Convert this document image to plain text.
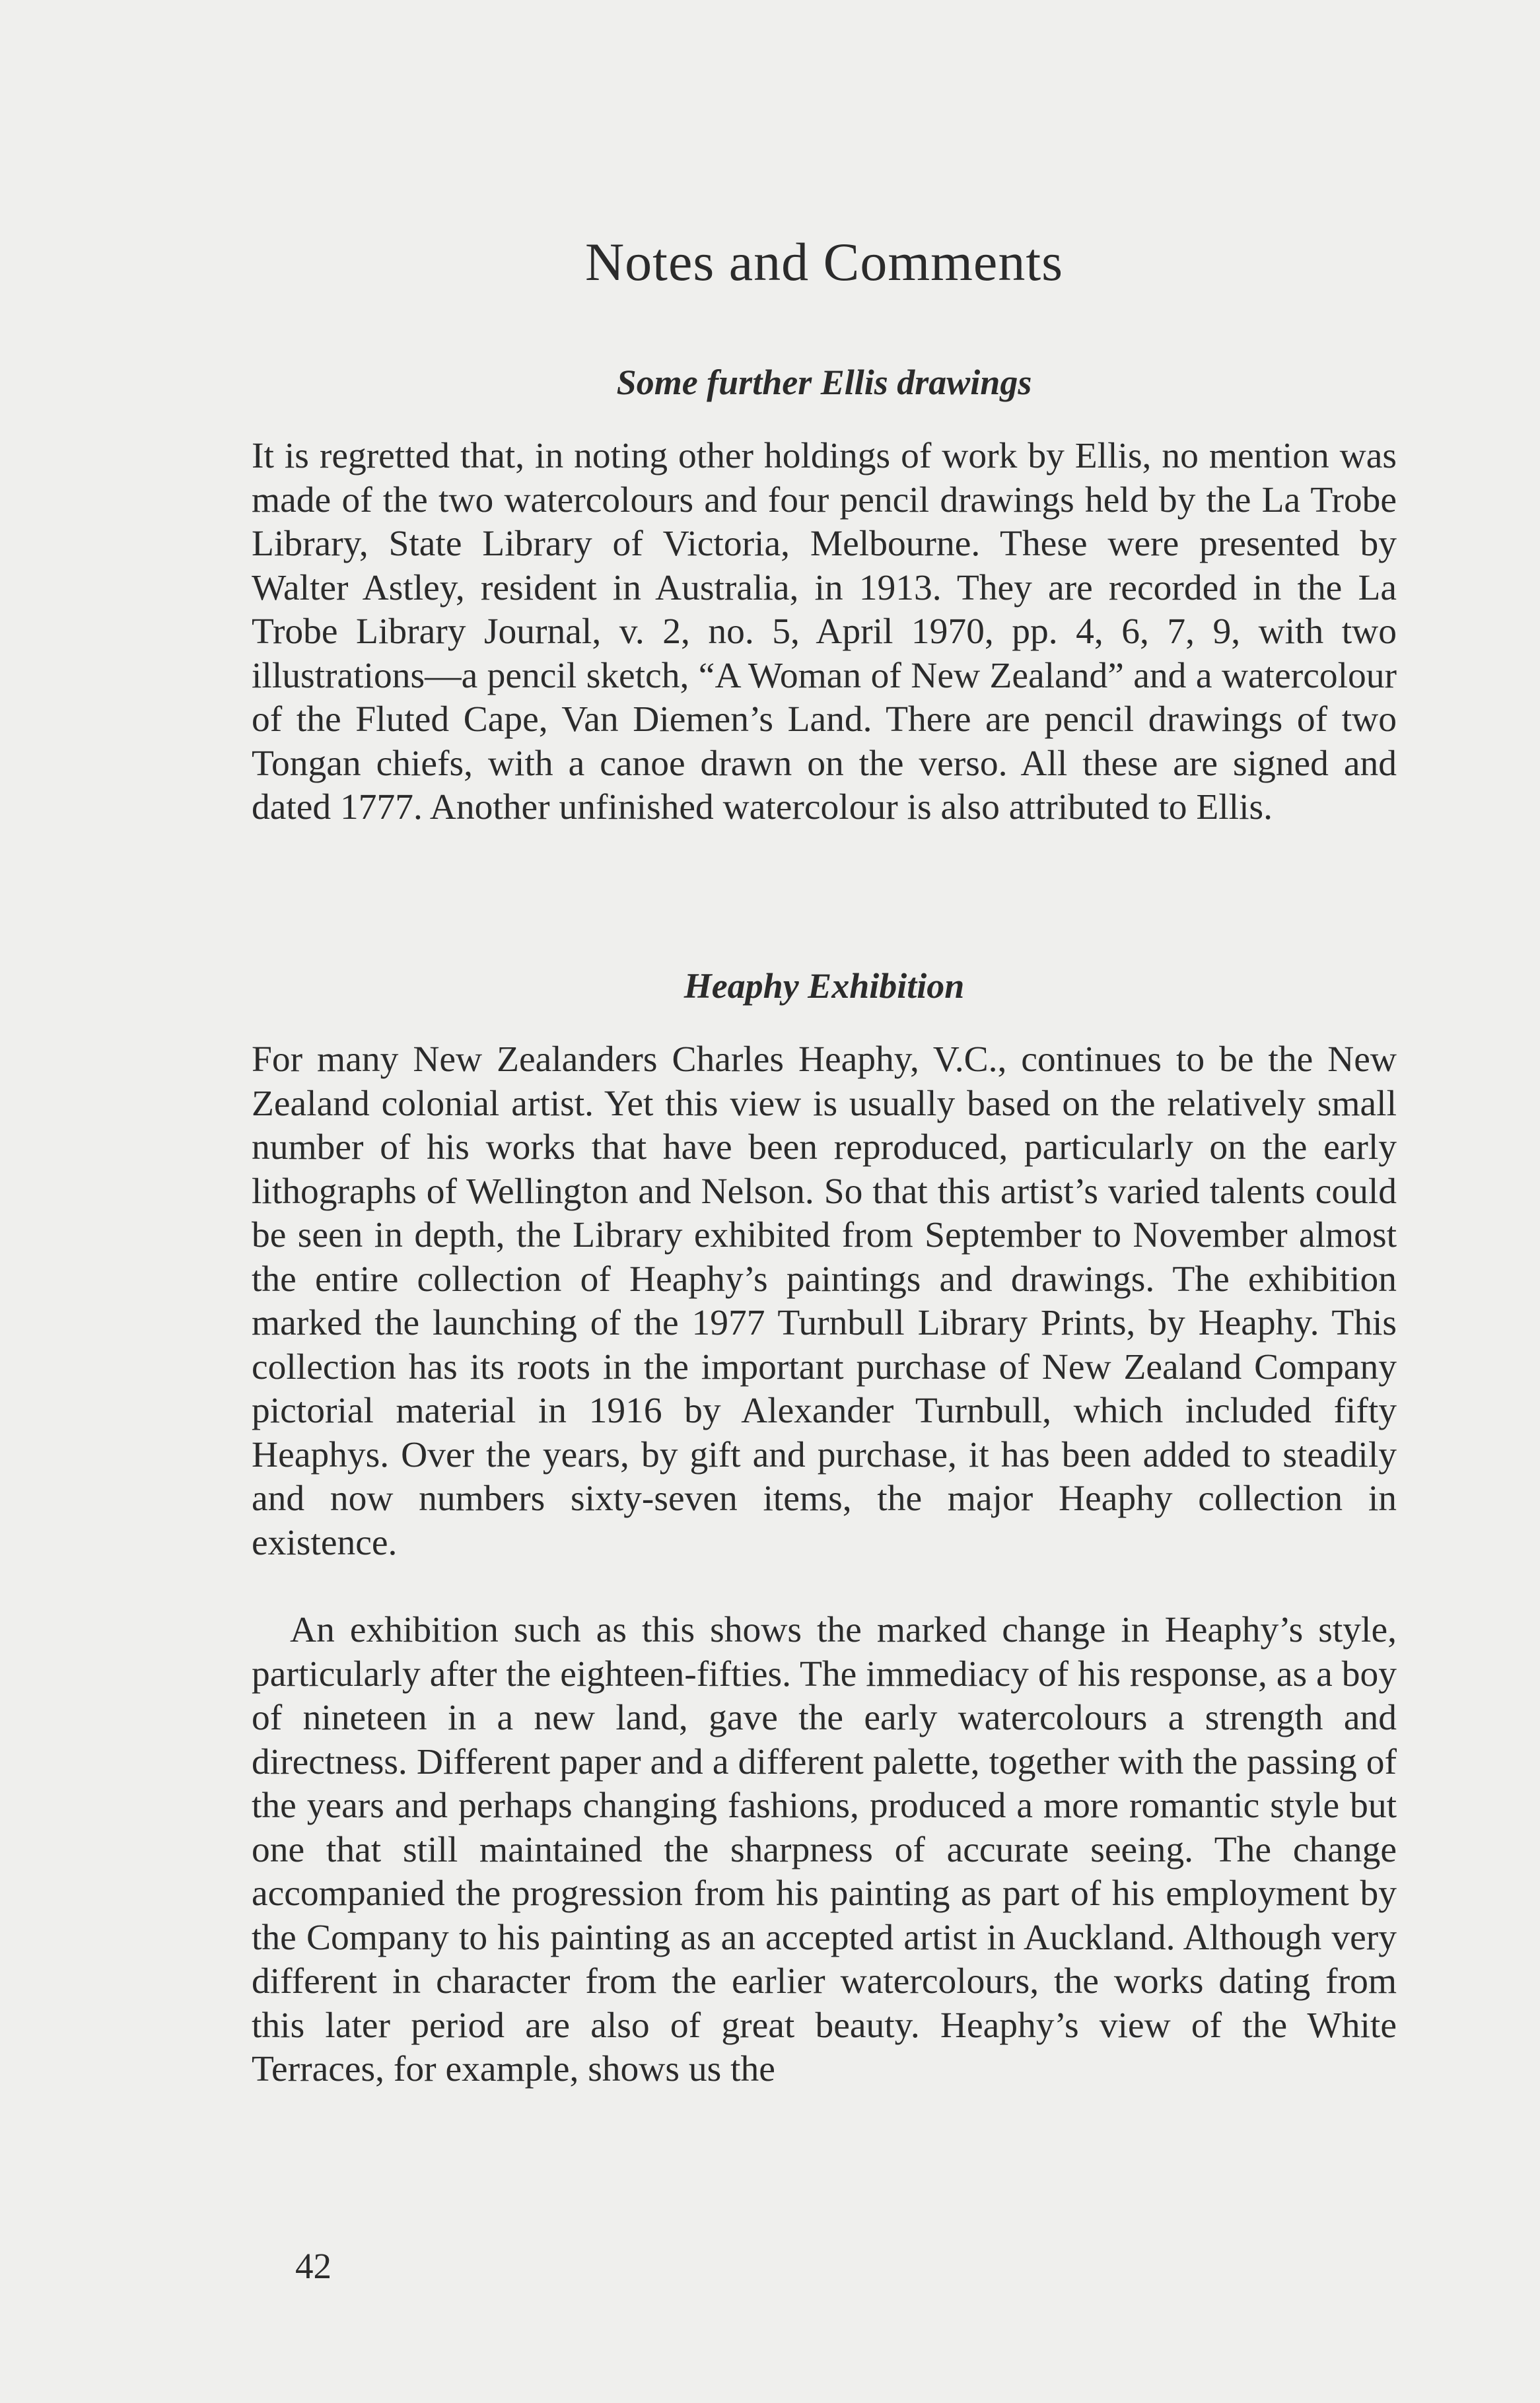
Notes and Comments
Some further Ellis drawings

It is regretted that, in noting other holdings of work by Ellis, no mention was made of the two watercolours and four pencil drawings held by the La Trobe Library, State Library of Victoria, Melbourne. These were presented by Walter Astley, resident in Australia, in 1913. They are recorded in the La Trobe Library Journal, v. 2, no. 5, April 1970, pp. 4, 6, 7, 9, with two illustrations—a pencil sketch, “A Woman of New Zealand” and a watercolour of the Fluted Cape, Van Diemen’s Land. There are pencil drawings of two Tongan chiefs, with a canoe drawn on the verso. All these are signed and dated 1777. Another unfinished watercolour is also attributed to Ellis.

Heaphy Exhibition

For many New Zealanders Charles Heaphy, V.C., continues to be the New Zealand colonial artist. Yet this view is usually based on the relatively small number of his works that have been reproduced, particularly on the early lithographs of Wellington and Nelson. So that this artist’s varied talents could be seen in depth, the Library exhibited from September to November almost the entire collection of Heaphy’s paintings and drawings. The exhibition marked the launching of the 1977 Turnbull Library Prints, by Heaphy. This collection has its roots in the important purchase of New Zealand Company pictorial material in 1916 by Alexander Turnbull, which included fifty Heaphys. Over the years, by gift and purchase, it has been added to steadily and now numbers sixty-seven items, the major Heaphy collection in existence.

An exhibition such as this shows the marked change in Heaphy’s style, particularly after the eighteen-fifties. The immediacy of his response, as a boy of nineteen in a new land, gave the early watercolours a strength and directness. Different paper and a different palette, together with the passing of the years and perhaps changing fashions, produced a more romantic style but one that still maintained the sharpness of accurate seeing. The change accompanied the progression from his painting as part of his employment by the Company to his painting as an accepted artist in Auckland. Although very different in character from the earlier watercolours, the works dating from this later period are also of great beauty. Heaphy’s view of the White Terraces, for example, shows us the

42
